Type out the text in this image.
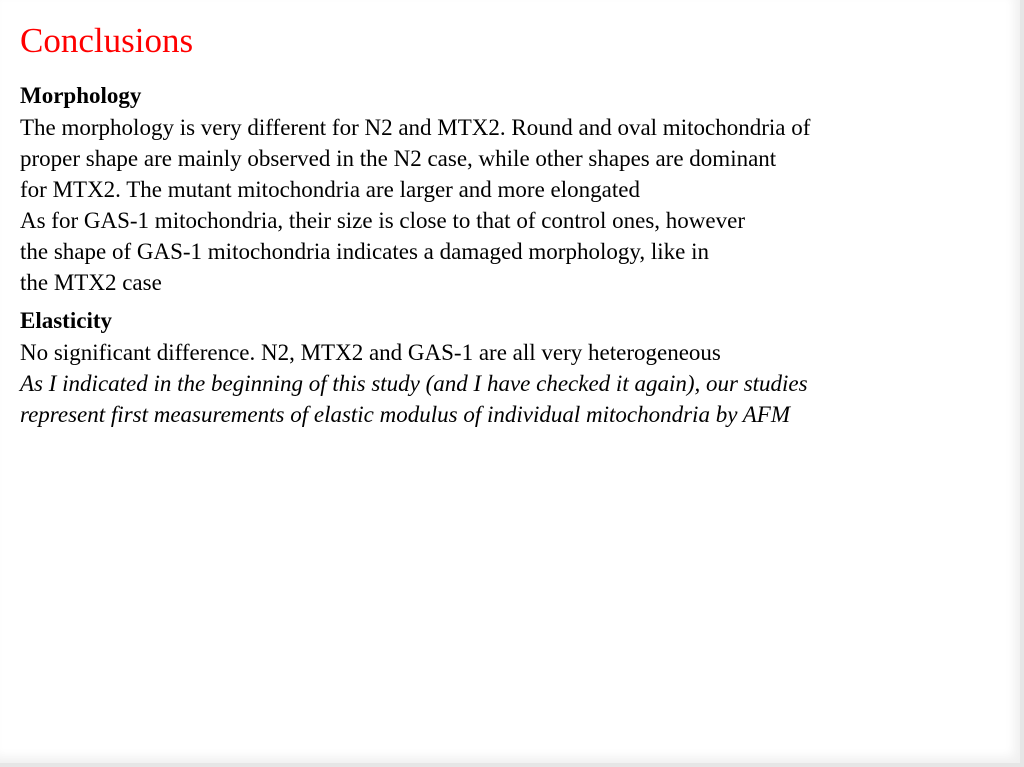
Conclusions

Morphology

The morphology is very different for N2 and MTX2. Round and oval mitochondria of

proper shape are mainly observed in the N2 case, while other shapes are dominant

for MTX2. The mutant mitochondria are larger and more elongated

As for GAS-1 mitochondria, their size is close to that of control ones, however

the shape of GAS-1 mitochondria indicates a damaged morphology, like in

the MTX2 case

Elasticity

No significant difference. N2, MTX2 and GAS-1 are all very heterogeneous

As I indicated in the beginning of this study (and I have checked it again), our studies

represent first measurements of elastic modulus of individual mitochondria by AFM
